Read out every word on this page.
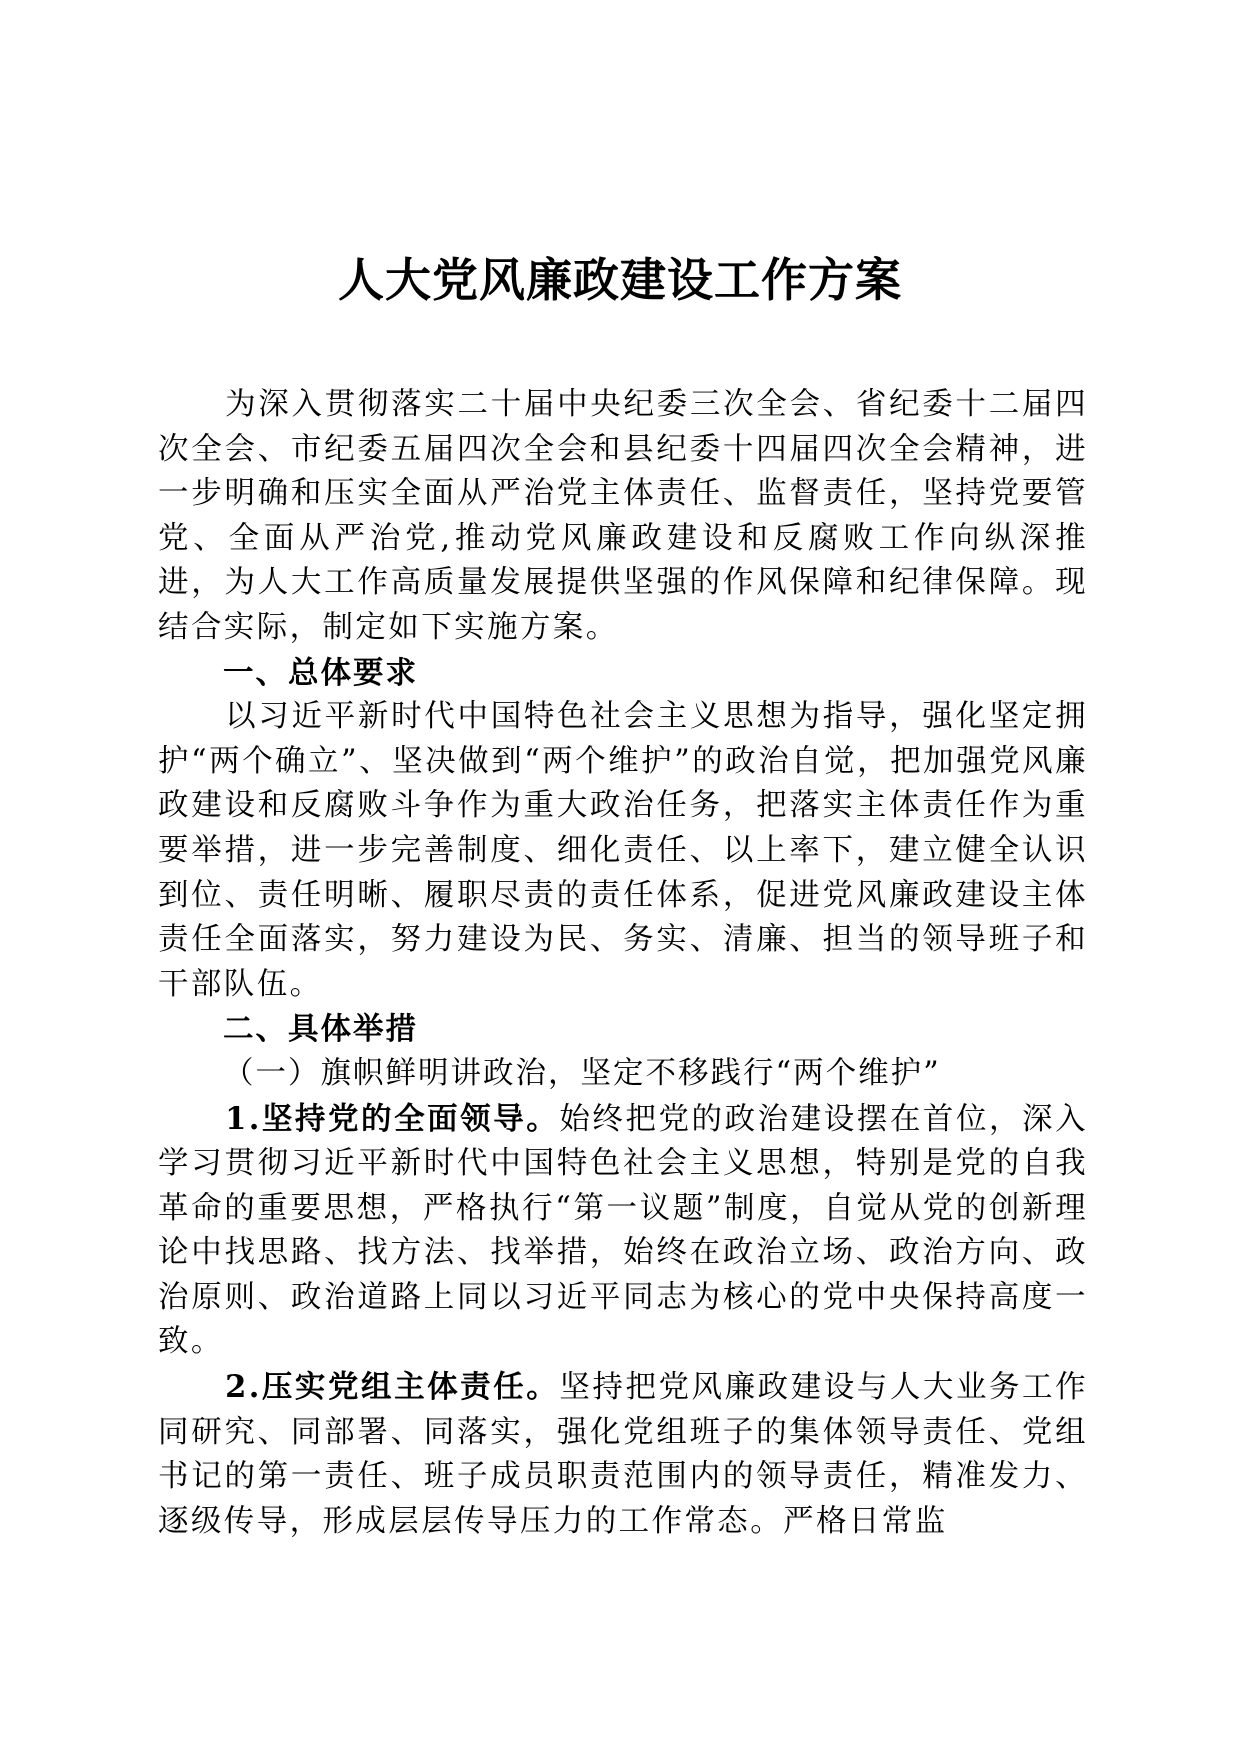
人大党风廉政建设工作方案

为深入贯彻落实二十届中央纪委三次全会、省纪委十二届四次全会、市纪委五届四次全会和县纪委十四届四次全会精神，进一步明确和压实全面从严治党主体责任、监督责任，坚持党要管党、全面从严治党,推动党风廉政建设和反腐败工作向纵深推进，为人大工作高质量发展提供坚强的作风保障和纪律保障。现结合实际，制定如下实施方案。

一、总体要求

以习近平新时代中国特色社会主义思想为指导，强化坚定拥护“两个确立”、坚决做到“两个维护”的政治自觉，把加强党风廉政建设和反腐败斗争作为重大政治任务，把落实主体责任作为重要举措，进一步完善制度、细化责任、以上率下，建立健全认识到位、责任明晰、履职尽责的责任体系，促进党风廉政建设主体责任全面落实，努力建设为民、务实、清廉、担当的领导班子和干部队伍。

二、具体举措

（一）旗帜鲜明讲政治，坚定不移践行“两个维护”

1.坚持党的全面领导。始终把党的政治建设摆在首位，深入学习贯彻习近平新时代中国特色社会主义思想，特别是党的自我革命的重要思想，严格执行“第一议题”制度，自觉从党的创新理论中找思路、找方法、找举措，始终在政治立场、政治方向、政治原则、政治道路上同以习近平同志为核心的党中央保持高度一致。

2.压实党组主体责任。坚持把党风廉政建设与人大业务工作同研究、同部署、同落实，强化党组班子的集体领导责任、党组书记的第一责任、班子成员职责范围内的领导责任，精准发力、逐级传导，形成层层传导压力的工作常态。严格日常监
